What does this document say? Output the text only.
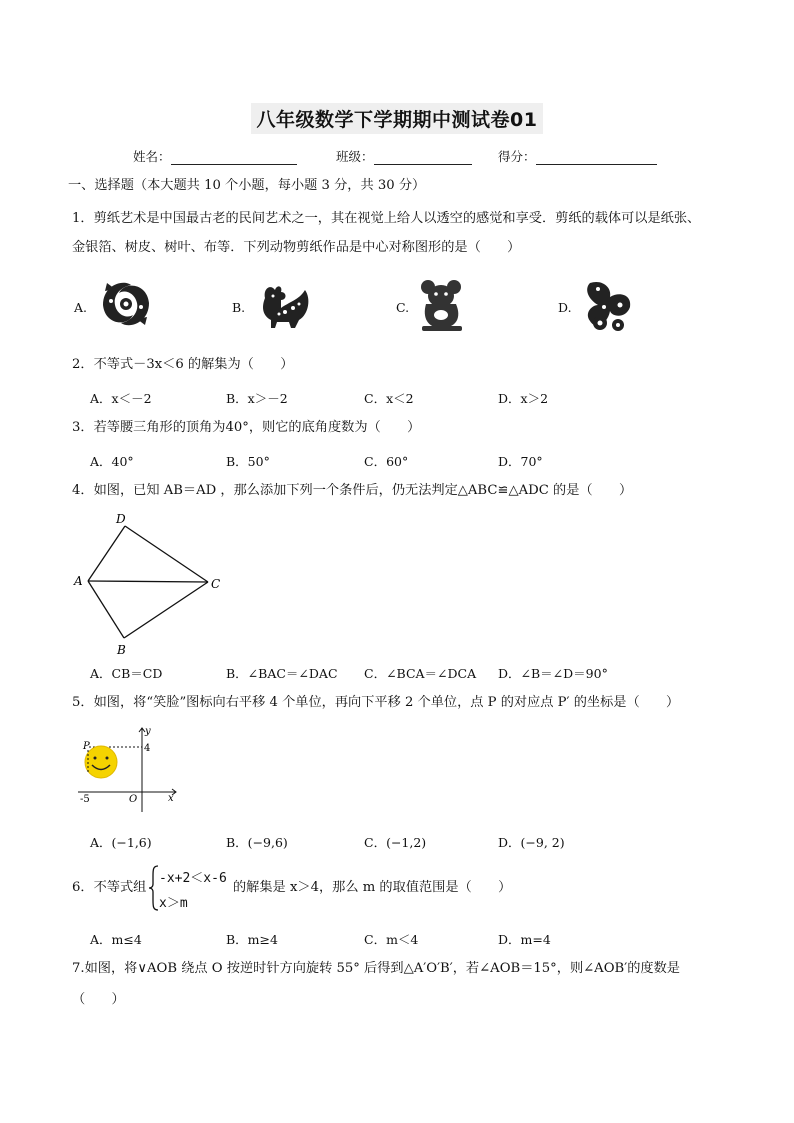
八年级数学下学期期中测试卷01
姓名：	班级：	得分：
一、选择题（本大题共 10 个小题，每小题 3 分，共 30 分）
1．剪纸艺术是中国最古老的民间艺术之一，其在视觉上给人以透空的感觉和享受．剪纸的载体可以是纸张、
金银箔、树皮、树叶、布等．下列动物剪纸作品是中心对称图形的是（　　）
A.	B.	C.	D.
2．不等式－3x＜6 的解集为（　　）
A．x＜－2	B．x＞－2	C．x＜2	D．x＞2
3．若等腰三角形的顶角为40°，则它的底角度数为（　　）
A．40°	B．50°	C．60°	D．70°
4．如图，已知 AB＝AD ，那么添加下列一个条件后，仍无法判定△ABC≌△ADC 的是（　　）
D
A	C
B
A．CB＝CD	B．∠BAC＝∠DAC C．∠BCA＝∠DCA D．∠B＝∠D＝90°
5．如图，将“笑脸”图标向右平移 4 个单位，再向下平移 2 个单位，点 P 的对应点 P′ 的坐标是（　　）
y
x
O
P	4
-5
A．(−1,6)	B．(−9,6)	C．(−1,2)	D．(−9, 2)
6．不等式组
-x+2＜x-6
x＞m
的解集是 x＞4，那么 m 的取值范围是（　　）
A．m≤4	B．m≥4	C．m＜4	D．m=4
7.如图，将∨AOB 绕点 O 按逆时针方向旋转 55° 后得到△A′O′B′，若∠AOB＝15°，则∠AOB′的度数是
（　　）
